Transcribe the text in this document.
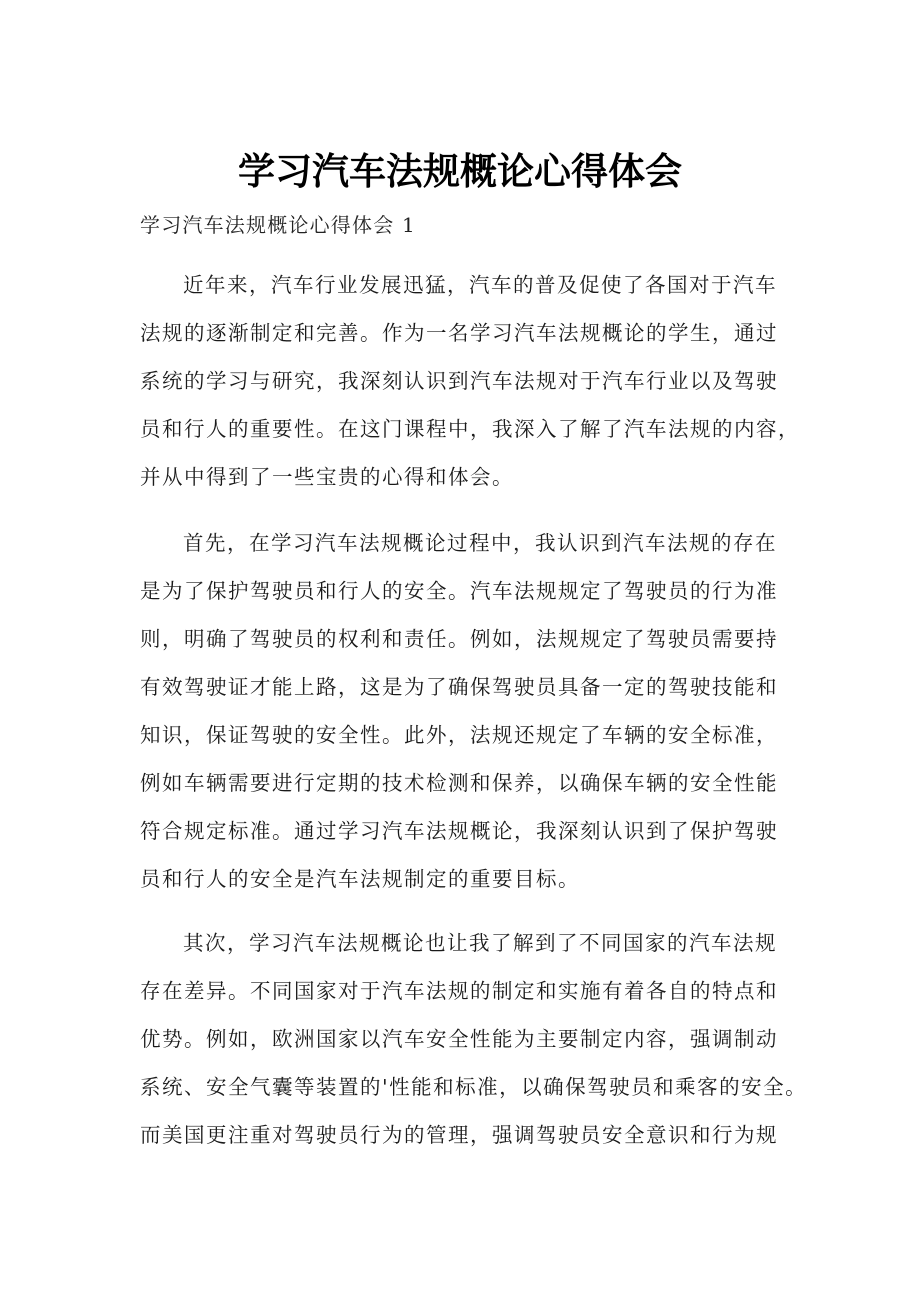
学习汽车法规概论心得体会
学习汽车法规概论心得体会 1
近年来，汽车行业发展迅猛，汽车的普及促使了各国对于汽车
法规的逐渐制定和完善。作为一名学习汽车法规概论的学生，通过
系统的学习与研究，我深刻认识到汽车法规对于汽车行业以及驾驶
员和行人的重要性。在这门课程中，我深入了解了汽车法规的内容，
并从中得到了一些宝贵的心得和体会。
首先，在学习汽车法规概论过程中，我认识到汽车法规的存在
是为了保护驾驶员和行人的安全。汽车法规规定了驾驶员的行为准
则，明确了驾驶员的权利和责任。例如，法规规定了驾驶员需要持
有效驾驶证才能上路，这是为了确保驾驶员具备一定的驾驶技能和
知识，保证驾驶的安全性。此外，法规还规定了车辆的安全标准，
例如车辆需要进行定期的技术检测和保养，以确保车辆的安全性能
符合规定标准。通过学习汽车法规概论，我深刻认识到了保护驾驶
员和行人的安全是汽车法规制定的重要目标。
其次，学习汽车法规概论也让我了解到了不同国家的汽车法规
存在差异。不同国家对于汽车法规的制定和实施有着各自的特点和
优势。例如，欧洲国家以汽车安全性能为主要制定内容，强调制动
系统、安全气囊等装置的'性能和标准，以确保驾驶员和乘客的安全。
而美国更注重对驾驶员行为的管理，强调驾驶员安全意识和行为规
